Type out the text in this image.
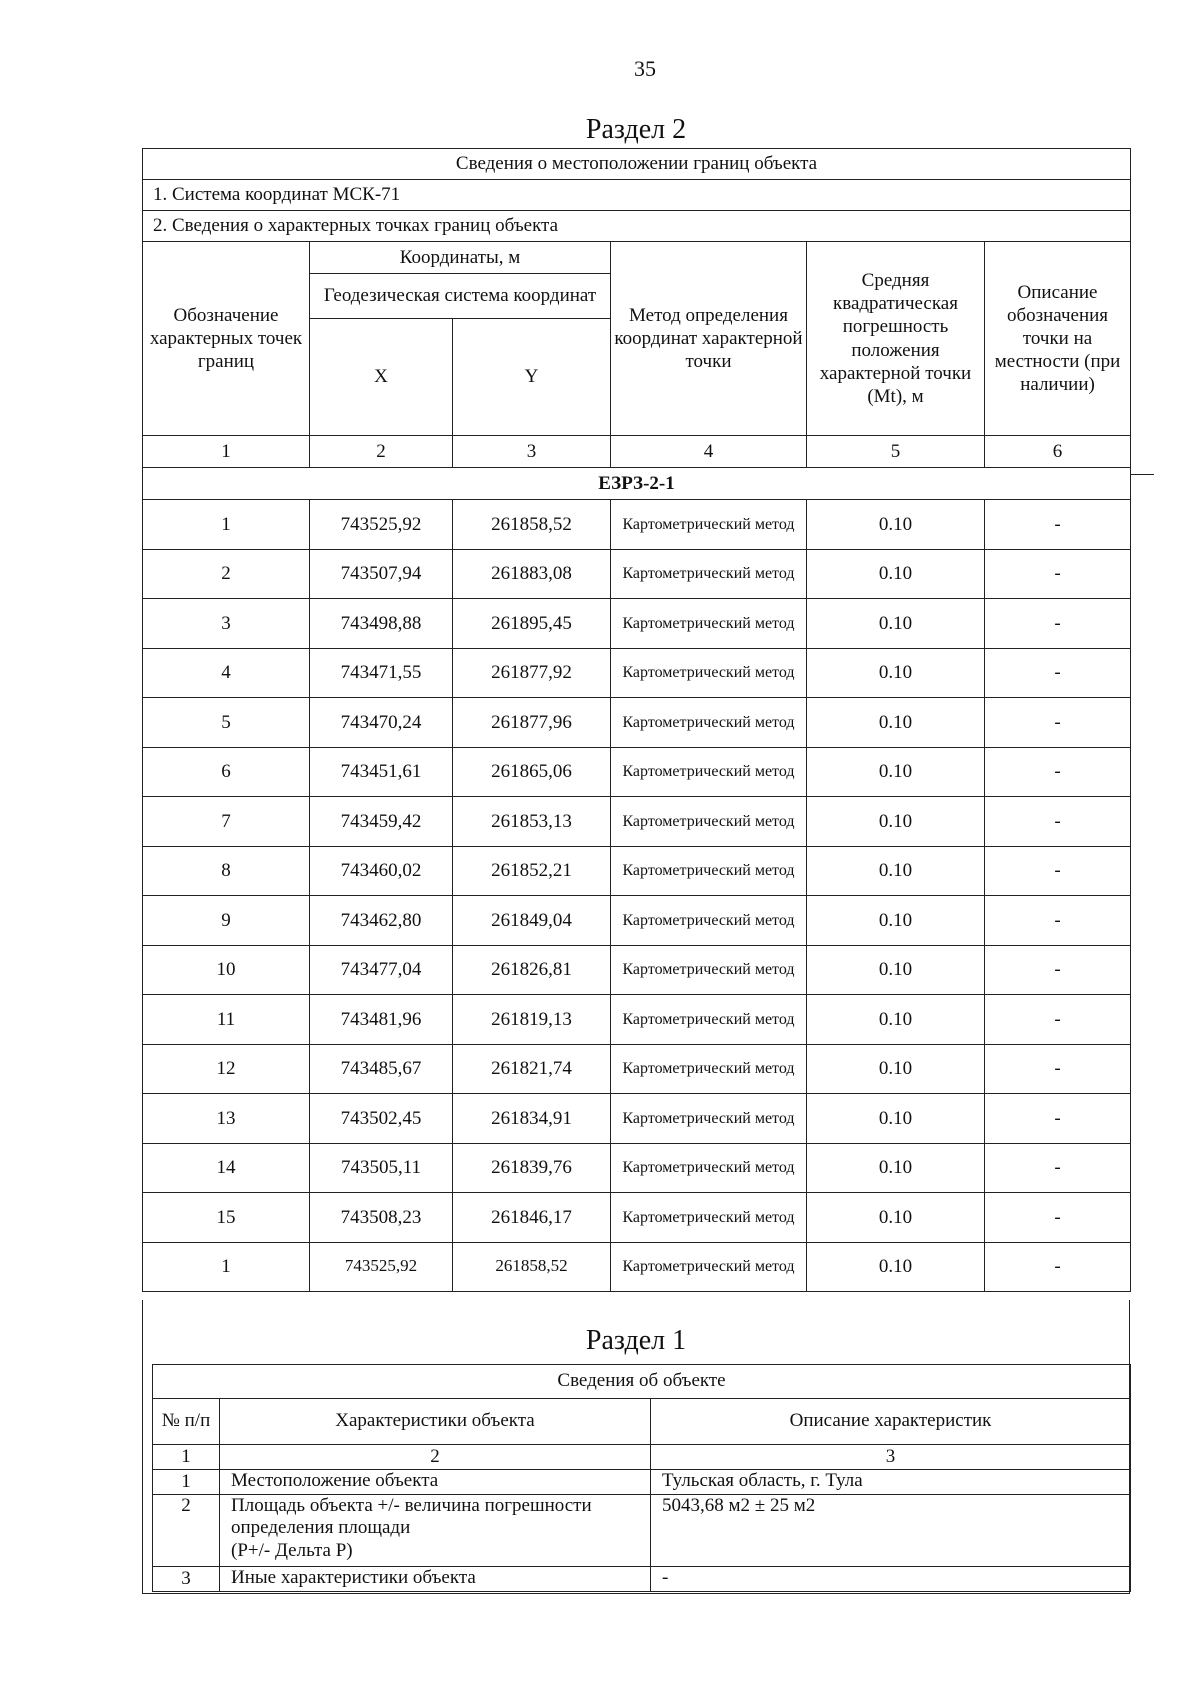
35
Раздел 2
Сведения о местоположении границ объекта					
1. Система координат МСК-71					
2. Сведения о характерных точках границ объекта					
Обозначение характерных точек границ	Координаты, м		Метод определения координат характерной точки	Средняя квадратическая погрешность положения характерной точки (Mt), м	Описание обозначения точки на местности (при наличии)
	Геодезическая система координат				
	X	Y			
1	2	3	4	5	6
ЕЗРЗ-2-1					
1	743525,92	261858,52	Картометрический метод	0.10	-
2	743507,94	261883,08	Картометрический метод	0.10	-
3	743498,88	261895,45	Картометрический метод	0.10	-
4	743471,55	261877,92	Картометрический метод	0.10	-
5	743470,24	261877,96	Картометрический метод	0.10	-
6	743451,61	261865,06	Картометрический метод	0.10	-
7	743459,42	261853,13	Картометрический метод	0.10	-
8	743460,02	261852,21	Картометрический метод	0.10	-
9	743462,80	261849,04	Картометрический метод	0.10	-
10	743477,04	261826,81	Картометрический метод	0.10	-
11	743481,96	261819,13	Картометрический метод	0.10	-
12	743485,67	261821,74	Картометрический метод	0.10	-
13	743502,45	261834,91	Картометрический метод	0.10	-
14	743505,11	261839,76	Картометрический метод	0.10	-
15	743508,23	261846,17	Картометрический метод	0.10	-
1	743525,92	261858,52	Картометрический метод	0.10	-
Раздел 1
Сведения об объекте		
№ п/п	Характеристики объекта	Описание характеристик
1	2	3
1	Местоположение объекта	Тульская область, г. Тула
2	Площадь объекта +/- величина погрешности
определения площади
(Р+/- Дельта Р)	5043,68 м2 ± 25 м2
3	Иные характеристики объекта	-
